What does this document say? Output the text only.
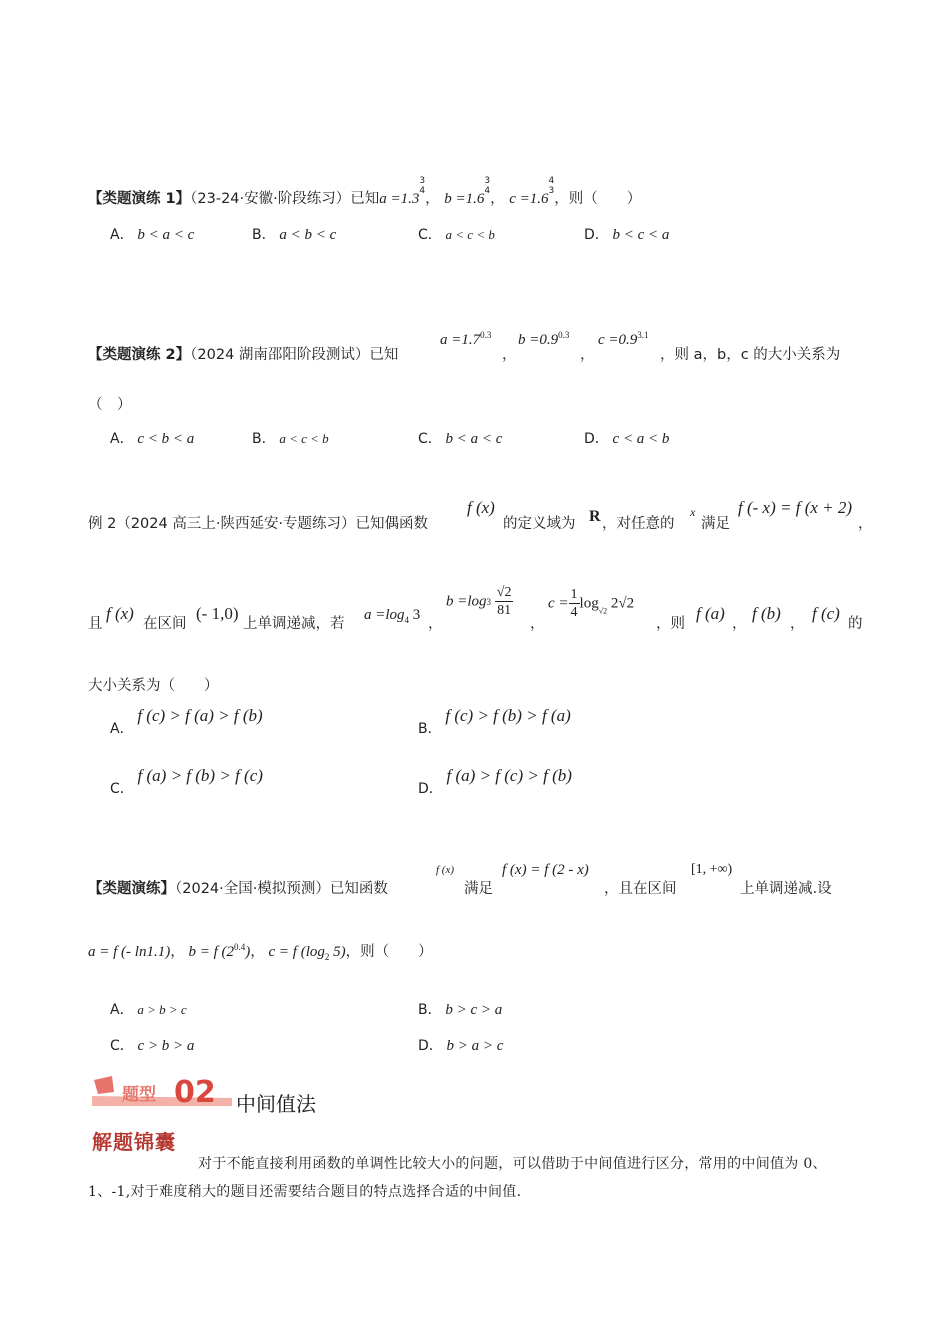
【类题演练 1】（23-24·安徽·阶段练习）已知a =1.3
3
4 ， b =1.6
3
4 ， c =1.6
4
3 ，则（　　）
A． b < a < c	B． a < b < c	C． a < c < b	D． b < c < a
【类题演练 2】（2024 湖南邵阳阶段测试）已知
$a =1.7^{0.3}$
，
$b =0.9^{0.3}$
，
$c =0.9^{3.1}$
，则 a，b，c 的大小关系为
（　）
A． c < b < a	B． a < c < b	C． b < a < c	D． c < a < b
例 2（2024 高三上·陕西延安·专题练习）已知偶函数
f (x)
的定义域为 R ，对任意的
x
满足
f (- x) = f (x + 2)
，
且
f (x)
在区间
(- 1,0)
上单调递减，若
$a =\log_4$ 3
，
$b =\log 3 \frac{√2}{81}$
，
$c = \frac{1}{4} \log_{√2} 2√2$
，则
f (a)
，
f (b)
，
f (c)
的
大小关系为（　　）
A． f (c) > f (a) > f (b)
B． f (c) > f (b) > f (a)
C． f (a) > f (b) > f (c)
D． f (a) > f (c) > f (b)
【类题演练】（2024·全国·模拟预测）已知函数
f (x)
满足
f (x) = f (2 - x)
，且在区间
[1, +∞)
上单调递减.设
a = f (- ln1.1)， b = f $(2^{0.4})$， c = f ($\log_2$ 5)，则（　　）
A． a > b > c	B． b > c > a
C． c > b > a	D． b > a > c
题型 02 中间值法
解题锦囊
对于不能直接利用函数的单调性比较大小的问题，可以借助于中间值进行区分，常用的中间值为 0、1、-1,对于难度稍大的题目还需要结合题目的特点选择合适的中间值.
